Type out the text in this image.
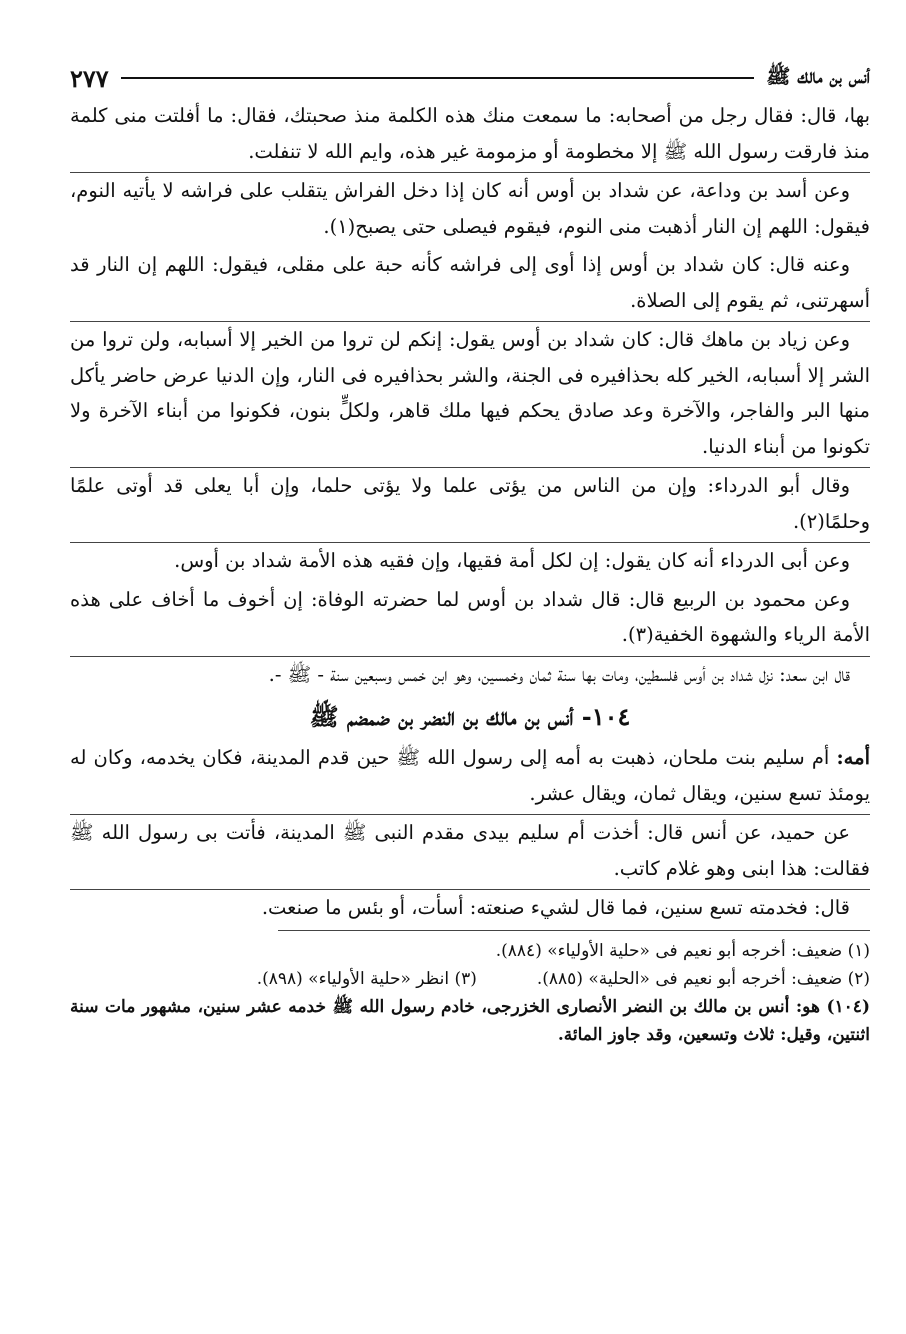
أنس بن مالك ﷺ
٢٧٧

بها، قال: فقال رجل من أصحابه: ما سمعت منك هذه الكلمة منذ صحبتك، فقال: ما أفلتت منى كلمة منذ فارقت رسول الله ﷺ إلا مخطومة أو مزمومة غير هذه، وايم الله لا تنفلت.

وعن أسد بن وداعة، عن شداد بن أوس أنه كان إذا دخل الفراش يتقلب على فراشه لا يأتيه النوم، فيقول: اللهم إن النار أذهبت منى النوم، فيقوم فيصلى حتى يصبح(١).

وعنه قال: كان شداد بن أوس إذا أوى إلى فراشه كأنه حبة على مقلى، فيقول: اللهم إن النار قد أسهرتنى، ثم يقوم إلى الصلاة.

وعن زياد بن ماهك قال: كان شداد بن أوس يقول: إنكم لن تروا من الخير إلا أسبابه، ولن تروا من الشر إلا أسبابه، الخير كله بحذافيره فى الجنة، والشر بحذافيره فى النار، وإن الدنيا عرض حاضر يأكل منها البر والفاجر، والآخرة وعد صادق يحكم فيها ملك قاهر، ولكلٍّ بنون، فكونوا من أبناء الآخرة ولا تكونوا من أبناء الدنيا.

وقال أبو الدرداء: وإن من الناس من يؤتى علما ولا يؤتى حلما، وإن أبا يعلى قد أوتى علمًا وحلمًا(٢).

وعن أبى الدرداء أنه كان يقول: إن لكل أمة فقيها، وإن فقيه هذه الأمة شداد بن أوس.

وعن محمود بن الربيع قال: قال شداد بن أوس لما حضرته الوفاة: إن أخوف ما أخاف على هذه الأمة الرياء والشهوة الخفية(٣).

قال ابن سعد: نزل شداد بن أوس فلسطين، ومات بها سنة ثمان وخمسين، وهو ابن خمس وسبعين سنة - ﷺ -.

١٠٤- أنس بن مالك بن النضر بن ضمضم ﷺ

أمه: أم سليم بنت ملحان، ذهبت به أمه إلى رسول الله ﷺ حين قدم المدينة، فكان يخدمه، وكان له يومئذ تسع سنين، ويقال ثمان، ويقال عشر.

عن حميد، عن أنس قال: أخذت أم سليم بيدى مقدم النبى ﷺ المدينة، فأتت بى رسول الله ﷺ فقالت: هذا ابنى وهو غلام كاتب.

قال: فخدمته تسع سنين، فما قال لشيء صنعته: أسأت، أو بئس ما صنعت.

(١) ضعيف: أخرجه أبو نعيم فى «حلية الأولياء» (٨٨٤).

(٢) ضعيف: أخرجه أبو نعيم فى «الحلية» (٨٨٥).
(٣) انظر «حلية الأولياء» (٨٩٨).

(١٠٤) هو: أنس بن مالك بن النضر الأنصارى الخزرجى، خادم رسول الله ﷺ خدمه عشر سنين، مشهور مات سنة اثنتين، وقيل: ثلاث وتسعين، وقد جاوز المائة.
